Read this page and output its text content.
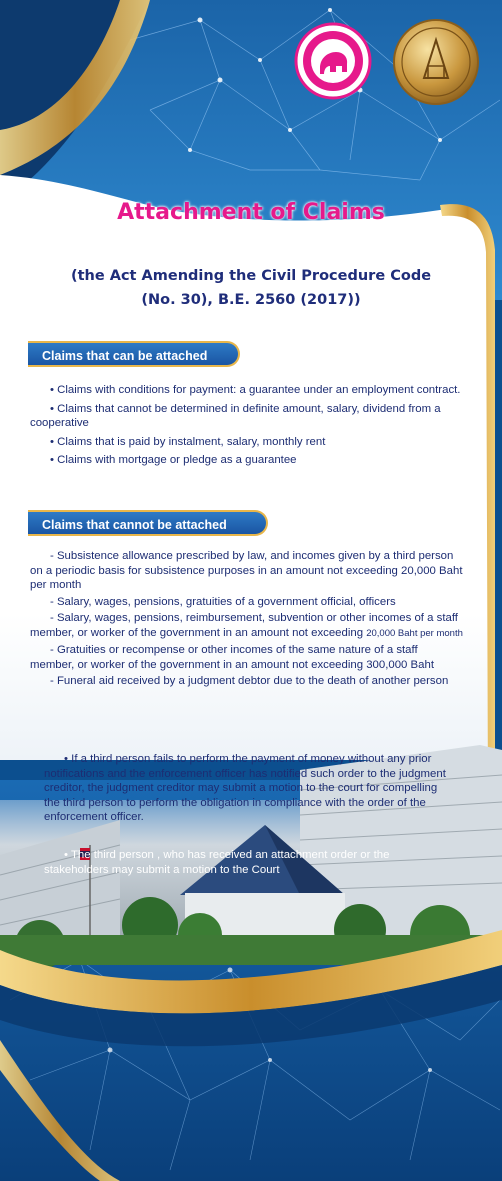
Attachment of Claims
(the Act Amending the Civil Procedure Code
(No. 30), B.E. 2560 (2017))
Claims that can be attached
• Claims with conditions for payment: a guarantee under an employment contract.
• Claims that cannot be determined in definite amount, salary, dividend from a cooperative
• Claims that is paid by instalment, salary, monthly rent
• Claims with mortgage or pledge as a guarantee
Claims that cannot be attached
- Subsistence allowance prescribed by law, and incomes given by a third person on a periodic basis for subsistence purposes in an amount not exceeding 20,000 Baht per month
- Salary, wages, pensions, gratuities of a government official, officers
- Salary, wages, pensions, reimbursement, subvention or other incomes of a staff member, or worker of the government in an amount not exceeding 20,000 Baht per month
- Gratuities or recompense or other incomes of the same nature of a staff member, or worker of the government in an amount not exceeding 300,000 Baht
- Funeral aid received by a judgment debtor due to the death of another person
• If a third person fails to perform the payment of money without any prior notifications and the enforcement officer has notified such order to the judgment creditor, the judgment creditor may submit a motion to the court for compelling the third person to perform the obligation in compliance with the order of the enforcement officer.
• The third person , who has received an attachment order or the stakeholders may submit a motion to the Court
